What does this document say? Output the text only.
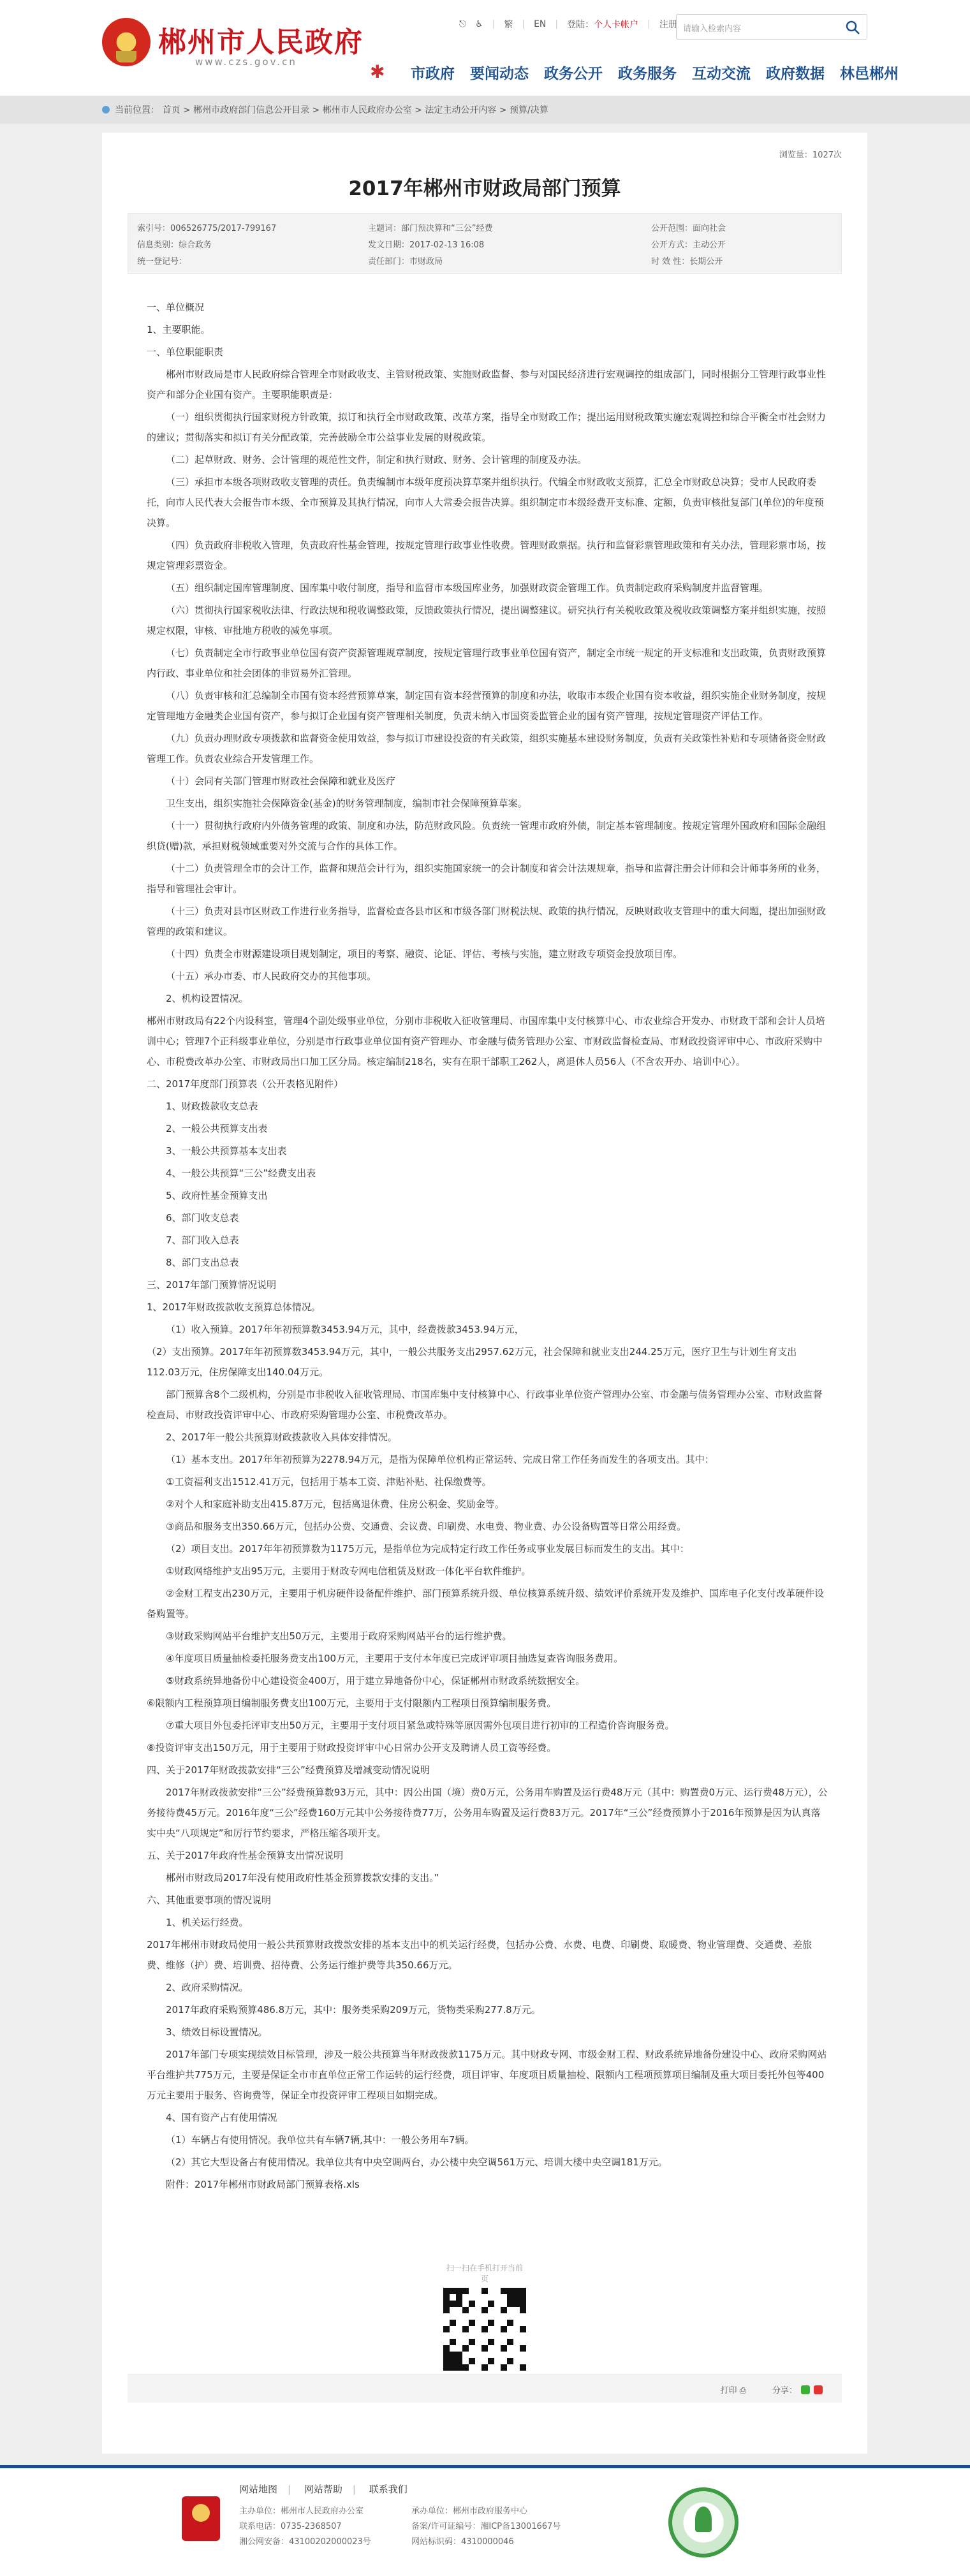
郴州市人民政府
www.czs.gov.cn
⎋ ♿ | 繁 | EN | 登陆：个人卡帐户 | 注册 请输入检索内容
✱	市政府 要闻动态 政务公开 政务服务 互动交流 政府数据 林邑郴州
当前位置： 首页 > 郴州市政府部门信息公开目录 > 郴州市人民政府办公室 > 法定主动公开内容 > 预算/决算
浏览量：1027次
2017年郴州市财政局部门预算
索引号：006526775/2017-799167
信息类别：综合政务
统一登记号：
主题词：部门预决算和“三公”经费
发文日期：2017-02-13 16:08
责任部门：市财政局
公开范围：面向社会
公开方式：主动公开
时 效 性：长期公开

一、单位概况

1、主要职能。

一、单位职能职责

郴州市财政局是市人民政府综合管理全市财政收支、主管财税政策、实施财政监督、参与对国民经济进行宏观调控的组成部门，同时根据分工管理行政事业性资产和部分企业国有资产。主要职能职责是：

（一）组织贯彻执行国家财税方针政策，拟订和执行全市财政政策、改革方案，指导全市财政工作；提出运用财税政策实施宏观调控和综合平衡全市社会财力的建议；贯彻落实和拟订有关分配政策，完善鼓励全市公益事业发展的财税政策。

（二）起草财政、财务、会计管理的规范性文件，制定和执行财政、财务、会计管理的制度及办法。

（三）承担市本级各项财政收支管理的责任。负责编制市本级年度预决算草案并组织执行。代编全市财政收支预算，汇总全市财政总决算；受市人民政府委托，向市人民代表大会报告市本级、全市预算及其执行情况，向市人大常委会报告决算。组织制定市本级经费开支标准、定额，负责审核批复部门(单位)的年度预决算。

（四）负责政府非税收入管理，负责政府性基金管理，按规定管理行政事业性收费。管理财政票据。执行和监督彩票管理政策和有关办法，管理彩票市场，按规定管理彩票资金。

（五）组织制定国库管理制度、国库集中收付制度，指导和监督市本级国库业务，加强财政资金管理工作。负责制定政府采购制度并监督管理。

（六）贯彻执行国家税收法律、行政法规和税收调整政策，反馈政策执行情况，提出调整建议。研究执行有关税收政策及税收政策调整方案并组织实施，按照规定权限，审核、审批地方税收的减免事项。

（七）负责制定全市行政事业单位国有资产资源管理规章制度，按规定管理行政事业单位国有资产，制定全市统一规定的开支标准和支出政策，负责财政预算内行政、事业单位和社会团体的非贸易外汇管理。

（八）负责审核和汇总编制全市国有资本经营预算草案，制定国有资本经营预算的制度和办法，收取市本级企业国有资本收益，组织实施企业财务制度，按规定管理地方金融类企业国有资产，参与拟订企业国有资产管理相关制度，负责未纳入市国资委监管企业的国有资产管理，按规定管理资产评估工作。

（九）负责办理财政专项拨款和监督资金使用效益，参与拟订市建设投资的有关政策，组织实施基本建设财务制度，负责有关政策性补贴和专项储备资金财政管理工作。负责农业综合开发管理工作。

（十）会同有关部门管理市财政社会保障和就业及医疗

卫生支出，组织实施社会保障资金(基金)的财务管理制度，编制市社会保障预算草案。

（十一）贯彻执行政府内外债务管理的政策、制度和办法，防范财政风险。负责统一管理市政府外债，制定基本管理制度。按规定管理外国政府和国际金融组织贷(赠)款，承担财税领域重要对外交流与合作的具体工作。

（十二）负责管理全市的会计工作，监督和规范会计行为，组织实施国家统一的会计制度和省会计法规规章，指导和监督注册会计师和会计师事务所的业务，指导和管理社会审计。

（十三）负责对县市区财政工作进行业务指导，监督检查各县市区和市级各部门财税法规、政策的执行情况，反映财政收支管理中的重大问题，提出加强财政管理的政策和建议。

（十四）负责全市财源建设项目规划制定，项目的考察、融资、论证、评估、考核与实施，建立财政专项资金投放项目库。

（十五）承办市委、市人民政府交办的其他事项。

2、机构设置情况。

郴州市财政局有22个内设科室，管理4个副处级事业单位，分别市非税收入征收管理局、市国库集中支付核算中心、市农业综合开发办、市财政干部和会计人员培训中心；管理7个正科级事业单位，分别是市行政事业单位国有资产管理办、市金融与债务管理办公室、市财政监督检查局、市财政投资评审中心、市政府采购中心、市税费改革办公室、市财政局出口加工区分局。核定编制218名，实有在职干部职工262人，离退休人员56人（不含农开办、培训中心）。

二、2017年度部门预算表（公开表格见附件）

1、财政拨款收支总表

2、一般公共预算支出表

3、一般公共预算基本支出表

4、一般公共预算“三公”经费支出表

5、政府性基金预算支出

6、部门收支总表

7、部门收入总表

8、部门支出总表

三、2017年部门预算情况说明

1、2017年财政拨款收支预算总体情况。

（1）收入预算。2017年年初预算数3453.94万元，其中，经费拨款3453.94万元，

（2）支出预算。2017年年初预算数3453.94万元，其中，一般公共服务支出2957.62万元，社会保障和就业支出244.25万元，医疗卫生与计划生育支出112.03万元，住房保障支出140.04万元。

部门预算含8个二级机构，分别是市非税收入征收管理局、市国库集中支付核算中心、行政事业单位资产管理办公室、市金融与债务管理办公室、市财政监督检查局、市财政投资评审中心、市政府采购管理办公室、市税费改革办。

2、2017年一般公共预算财政拨款收入具体安排情况。

（1）基本支出。2017年年初预算为2278.94万元，是指为保障单位机构正常运转、完成日常工作任务而发生的各项支出。其中：

①工资福利支出1512.41万元，包括用于基本工资、津贴补贴、社保缴费等。

②对个人和家庭补助支出415.87万元，包括离退休费、住房公积金、奖励金等。

③商品和服务支出350.66万元，包括办公费、交通费、会议费、印刷费、水电费、物业费、办公设备购置等日常公用经费。

（2）项目支出。2017年年初预算数为1175万元，是指单位为完成特定行政工作任务或事业发展目标而发生的支出。其中：

①财政网络维护支出95万元，主要用于财政专网电信租赁及财政一体化平台软件维护。

②金财工程支出230万元，主要用于机房硬件设备配件维护、部门预算系统升级、单位核算系统升级、绩效评价系统开发及维护、国库电子化支付改革硬件设备购置等。

③财政采购网站平台维护支出50万元，主要用于政府采购网站平台的运行维护费。

④年度项目质量抽检委托服务费支出100万元，主要用于支付本年度已完成评审项目抽选复查咨询服务费用。

⑤财政系统异地备份中心建设资金400万，用于建立异地备份中心，保证郴州市财政系统数据安全。

⑥限额内工程预算项目编制服务费支出100万元，主要用于支付限额内工程项目预算编制服务费。

⑦重大项目外包委托评审支出50万元，主要用于支付项目紧急或特殊等原因需外包项目进行初审的工程造价咨询服务费。

⑧投资评审支出150万元，用于主要用于财政投资评审中心日常办公开支及聘请人员工资等经费。

四、关于2017年财政拨款安排“三公”经费预算及增减变动情况说明

2017年财政拨款安排“三公”经费预算数93万元，其中：因公出国（境）费0万元，公务用车购置及运行费48万元（其中：购置费0万元、运行费48万元），公务接待费45万元。2016年度“三公”经费160万元其中公务接待费77万，公务用车购置及运行费83万元。2017年“三公”经费预算小于2016年预算是因为认真落实中央“八项规定”和厉行节约要求，严格压缩各项开支。

五、关于2017年政府性基金预算支出情况说明

郴州市财政局2017年没有使用政府性基金预算拨款安排的支出。”

六、其他重要事项的情况说明

1、机关运行经费。

2017年郴州市财政局使用一般公共预算财政拨款安排的基本支出中的机关运行经费，包括办公费、水费、电费、印刷费、取暖费、物业管理费、交通费、差旅费、维修（护）费、培训费、招待费、公务运行维护费等共350.66万元。

2、政府采购情况。

2017年政府采购预算486.8万元，其中：服务类采购209万元，货物类采购277.8万元。

3、绩效目标设置情况。

2017年部门专项实现绩效目标管理，涉及一般公共预算当年财政拨款1175万元。其中财政专网、市级金财工程、财政系统异地备份建设中心、政府采购网站平台维护共775万元，主要是保证全市市直单位正常工作运转的运行经费，项目评审、年度项目质量抽检、限额内工程项预算项目编制及重大项目委托外包等400万元主要用于服务、咨询费等，保证全市投资评审工程项目如期完成。

4、国有资产占有使用情况

（1）车辆占有使用情况。我单位共有车辆7辆,其中：一般公务用车7辆。

（2）其它大型设备占有使用情况。我单位共有中央空调两台，办公楼中央空调561万元、培训大楼中央空调181万元。

附件：2017年郴州市财政局部门预算表格.xls

扫一扫在手机打开当前页
打印 ⎙	分享：
网站地图 | 网站帮助 | 联系我们
主办单位：郴州市人民政府办公室
联系电话：0735-2368507
湘公网安备：43100202000023号
承办单位：郴州市政府服务中心
备案/许可证编号：湘ICP备13001667号
网站标识码：4310000046
